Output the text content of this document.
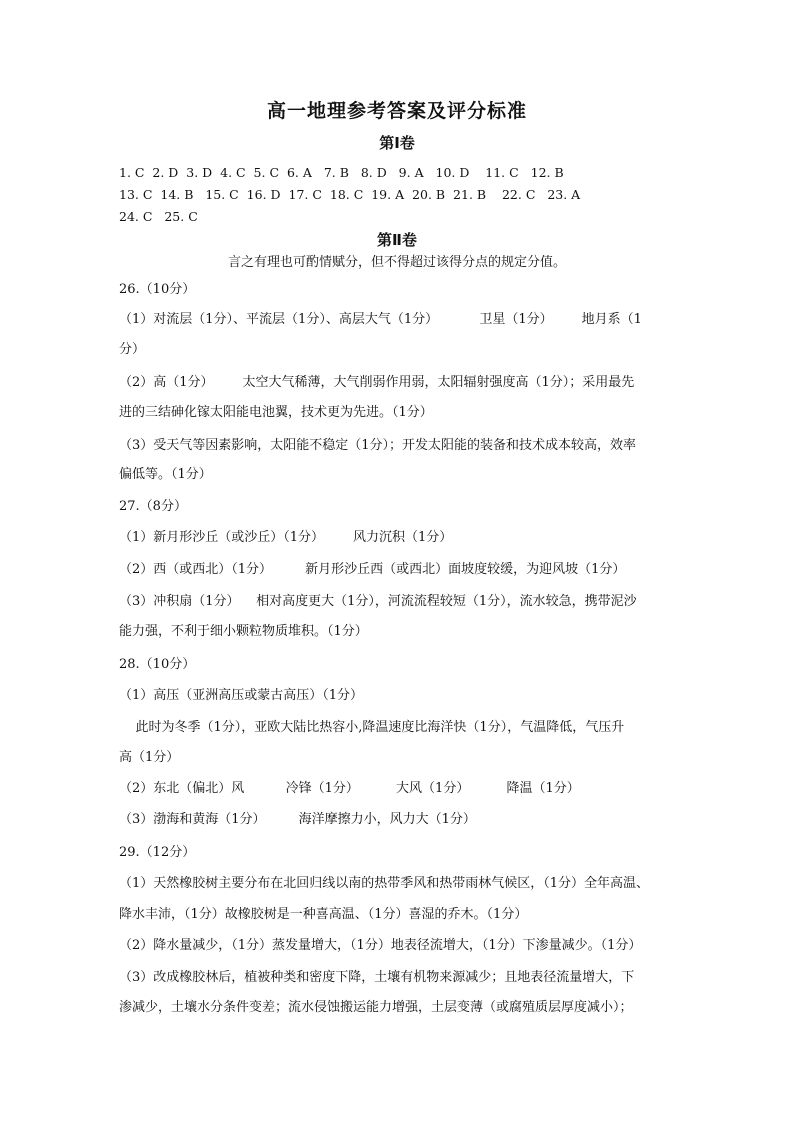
高一地理参考答案及评分标准
第Ⅰ卷
1. C  2. D  3. D  4. C  5. C  6. A   7. B   8. D   9. A   10. D    11. C   12. B
13. C  14. B   15. C  16. D  17. C  18. C  19. A  20. B  21. B    22. C   23. A
24. C   25. C
第Ⅱ卷
言之有理也可酌情赋分，但不得超过该得分点的规定分值。
26.（10分）
（1）对流层（1分）、平流层（1分）、高层大气（1分）          卫星（1分）       地月系（1
分）
（2）高（1分）       太空大气稀薄，大气削弱作用弱，太阳辐射强度高（1分）；采用最先
进的三结砷化镓太阳能电池翼，技术更为先进。（1分）
（3）受天气等因素影响，太阳能不稳定（1分）；开发太阳能的装备和技术成本较高，效率
偏低等。（1分）
27.（8分）
（1）新月形沙丘（或沙丘）（1分）       风力沉积（1分）
（2）西（或西北）（1分）        新月形沙丘西（或西北）面坡度较缓，为迎风坡（1分）
（3）冲积扇（1分）    相对高度更大（1分），河流流程较短（1分），流水较急，携带泥沙
能力强，不利于细小颗粒物质堆积。（1分）
28.（10分）
（1）高压（亚洲高压或蒙古高压）（1分）
此时为冬季（1分），亚欧大陆比热容小,降温速度比海洋快（1分），气温降低，气压升
高（1分）
（2）东北（偏北）风          冷锋（1分）         大风（1分）         降温（1分）
（3）渤海和黄海（1分）        海洋摩擦力小，风力大（1分）
29.（12分）
（1）天然橡胶树主要分布在北回归线以南的热带季风和热带雨林气候区，（1分）全年高温、
降水丰沛，（1分）故橡胶树是一种喜高温、（1分）喜湿的乔木。（1分）
（2）降水量减少，（1分）蒸发量增大，（1分）地表径流增大，（1分）下渗量减少。（1分）
（3）改成橡胶林后，植被种类和密度下降，土壤有机物来源减少；且地表径流量增大，下
渗减少，土壤水分条件变差；流水侵蚀搬运能力增强，土层变薄（或腐殖质层厚度减小）；
